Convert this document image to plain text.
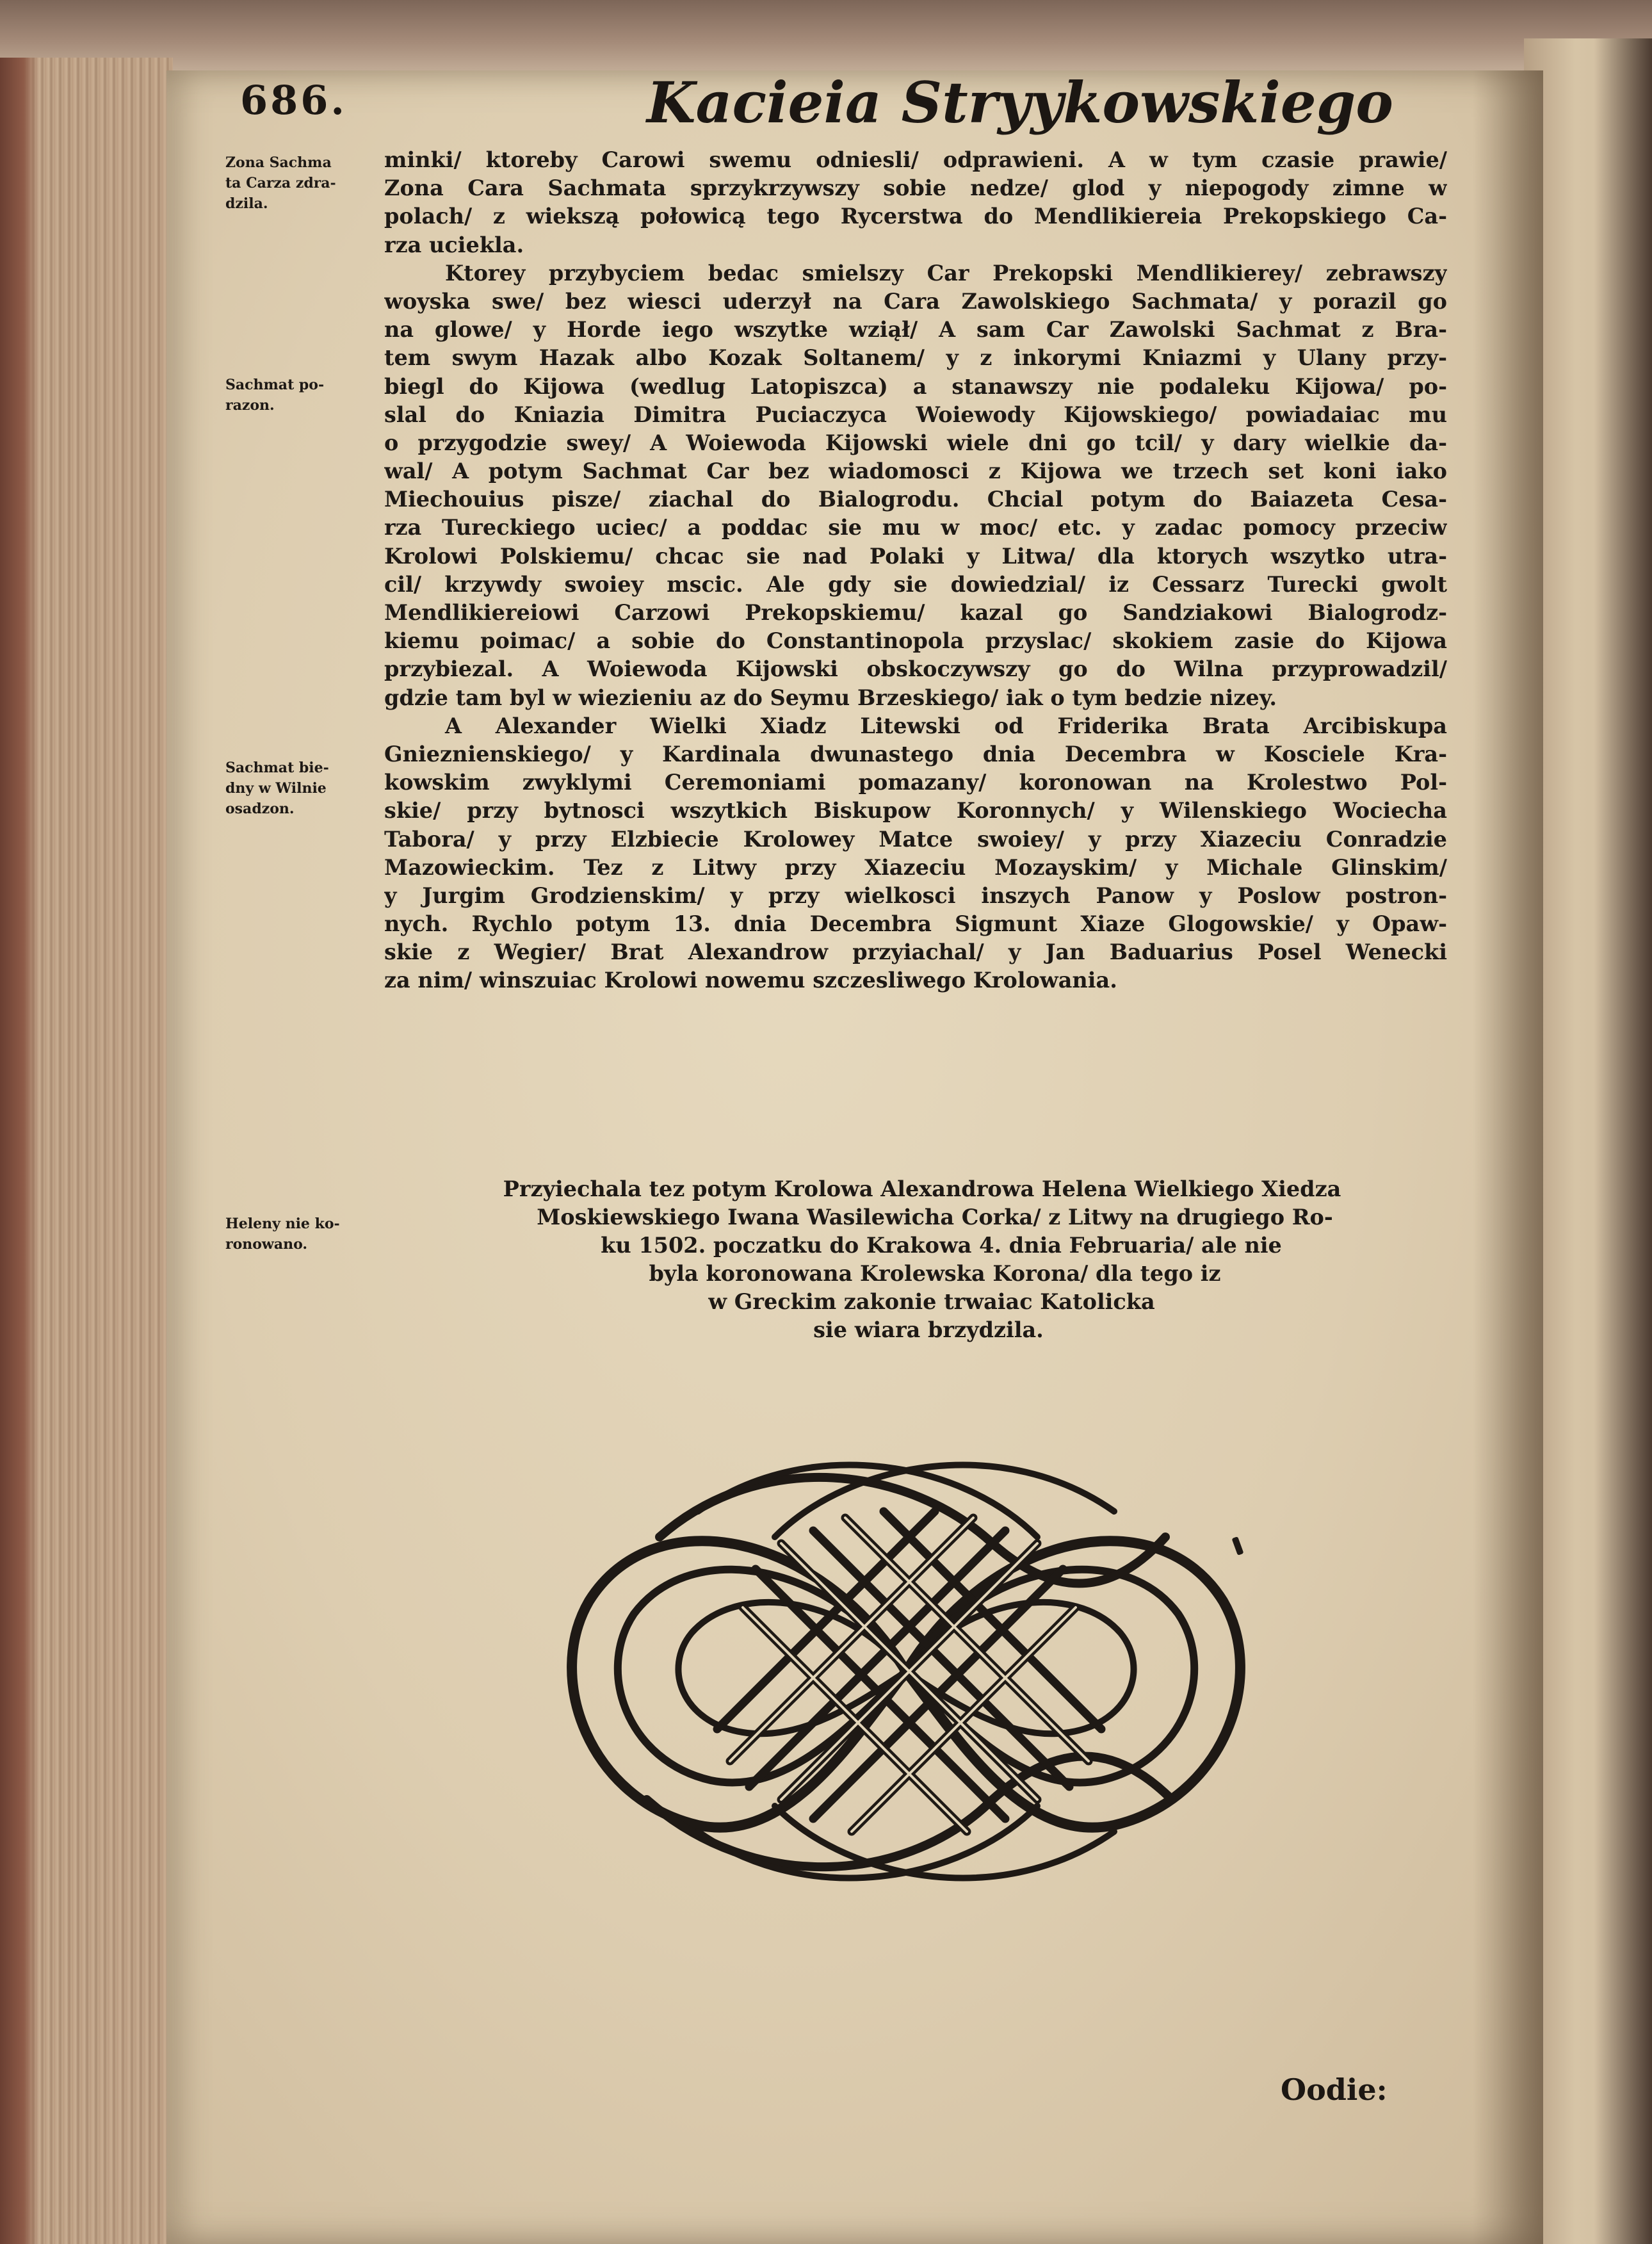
686.	Kacieia Stryykowskiego
Zona Sachma
ta Carza zdra-
dzila.
Sachmat po-
razon.
Sachmat bie-
dny w Wilnie
osadzon.
Heleny nie ko-
ronowano.
minki/ ktoreby Carowi swemu odniesli/ odprawieni. A w tym czasie prawie/
Zona Cara Sachmata sprzykrzywszy sobie nedze/ glod y niepogody zimne w
polach/ z wiekszą połowicą tego Rycerstwa do Mendlikiereia Prekopskiego Ca-
rza uciekla.
Ktorey przybyciem bedac smielszy Car Prekopski Mendlikierey/ zebrawszy
woyska swe/ bez wiesci uderzył na Cara Zawolskiego Sachmata/ y porazil go
na glowe/ y Horde iego wszytke wziął/ A sam Car Zawolski Sachmat z Bra-
tem swym Hazak albo Kozak Soltanem/ y z inkorymi Kniazmi y Ulany przy-
biegl do Kijowa (wedlug Latopiszca) a stanawszy nie podaleku Kijowa/ po-
slal do Kniazia Dimitra Puciaczyca Woiewody Kijowskiego/ powiadaiac mu
o przygodzie swey/ A Woiewoda Kijowski wiele dni go tcil/ y dary wielkie da-
wal/ A potym Sachmat Car bez wiadomosci z Kijowa we trzech set koni iako
Miechouius pisze/ ziachal do Bialogrodu. Chcial potym do Baiazeta Cesa-
rza Tureckiego uciec/ a poddac sie mu w moc/ etc. y zadac pomocy przeciw
Krolowi Polskiemu/ chcac sie nad Polaki y Litwa/ dla ktorych wszytko utra-
cil/ krzywdy swoiey mscic. Ale gdy sie dowiedzial/ iz Cessarz Turecki gwolt
Mendlikiereiowi Carzowi Prekopskiemu/ kazal go Sandziakowi Bialogrodz-
kiemu poimac/ a sobie do Constantinopola przyslac/ skokiem zasie do Kijowa
przybiezal. A Woiewoda Kijowski obskoczywszy go do Wilna przyprowadzil/
gdzie tam byl w wiezieniu az do Seymu Brzeskiego/ iak o tym bedzie nizey.
A Alexander Wielki Xiadz Litewski od Friderika Brata Arcibiskupa
Gnieznienskiego/ y Kardinala dwunastego dnia Decembra w Kosciele Kra-
kowskim zwyklymi Ceremoniami pomazany/ koronowan na Krolestwo Pol-
skie/ przy bytnosci wszytkich Biskupow Koronnych/ y Wilenskiego Wociecha
Tabora/ y przy Elzbiecie Krolowey Matce swoiey/ y przy Xiazeciu Conradzie
Mazowieckim. Tez z Litwy przy Xiazeciu Mozayskim/ y Michale Glinskim/
y Jurgim Grodzienskim/ y przy wielkosci inszych Panow y Poslow postron-
nych. Rychlo potym 13. dnia Decembra Sigmunt Xiaze Glogowskie/ y Opaw-
skie z Wegier/ Brat Alexandrow przyiachal/ y Jan Baduarius Posel Wenecki
za nim/ winszuiac Krolowi nowemu szczesliwego Krolowania.
Przyiechala tez potym Krolowa Alexandrowa Helena Wielkiego Xiedza
Moskiewskiego Iwana Wasilewicha Corka/ z Litwy na drugiego Ro-
ku 1502. poczatku do Krakowa 4. dnia Februaria/ ale nie
byla koronowana Krolewska Korona/ dla tego iz
w Greckim zakonie trwaiac Katolicka
sie wiara brzydzila.
Oodie:
